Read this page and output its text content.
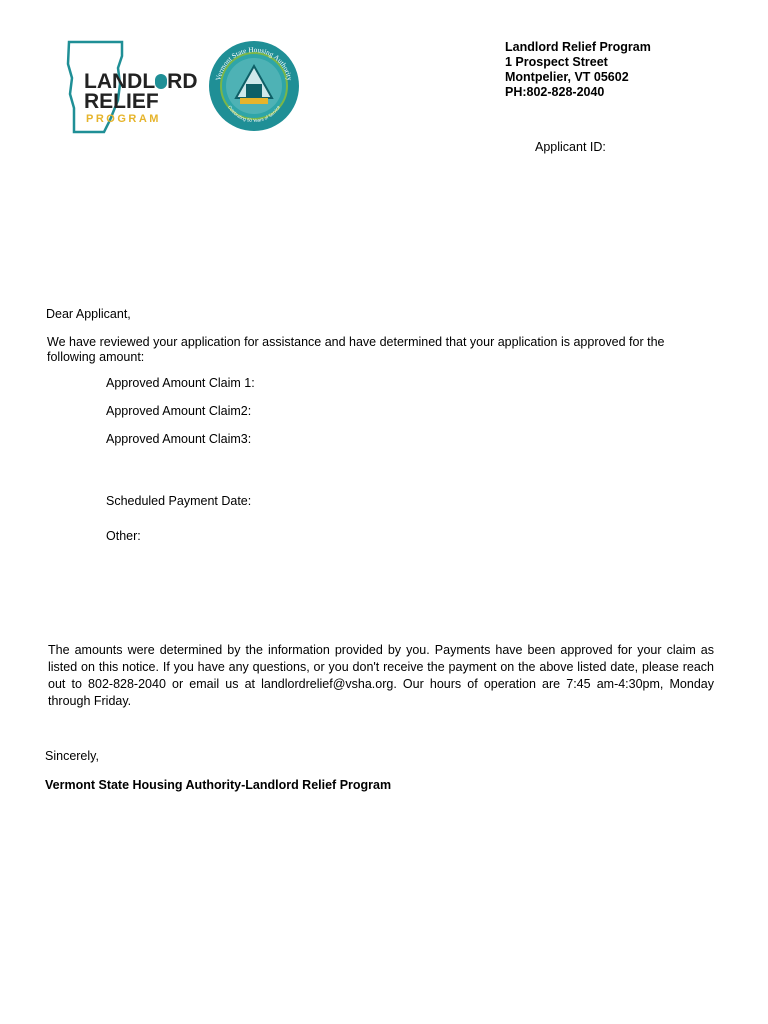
LANDL RD
RELIEF
PROGRAM
Vermont State Housing Authority
Celebrating 50 Years of Service
Landlord Relief Program
1 Prospect Street
Montpelier, VT 05602
PH:802-828-2040
Applicant ID:
Dear Applicant,
We have reviewed your application for assistance and have determined that your application is approved for the following amount:
Approved Amount Claim 1:
Approved Amount Claim2:
Approved Amount Claim3:
Scheduled Payment Date:
Other:
The amounts were determined by the information provided by you. Payments have been approved for your claim as listed on this notice. If you have any questions, or you don't receive the payment on the above listed date, please reach out to 802-828-2040 or email us at landlordrelief@vsha.org. Our hours of operation are 7:45 am-4:30pm, Monday through Friday.
Sincerely,
Vermont State Housing Authority-Landlord Relief Program
